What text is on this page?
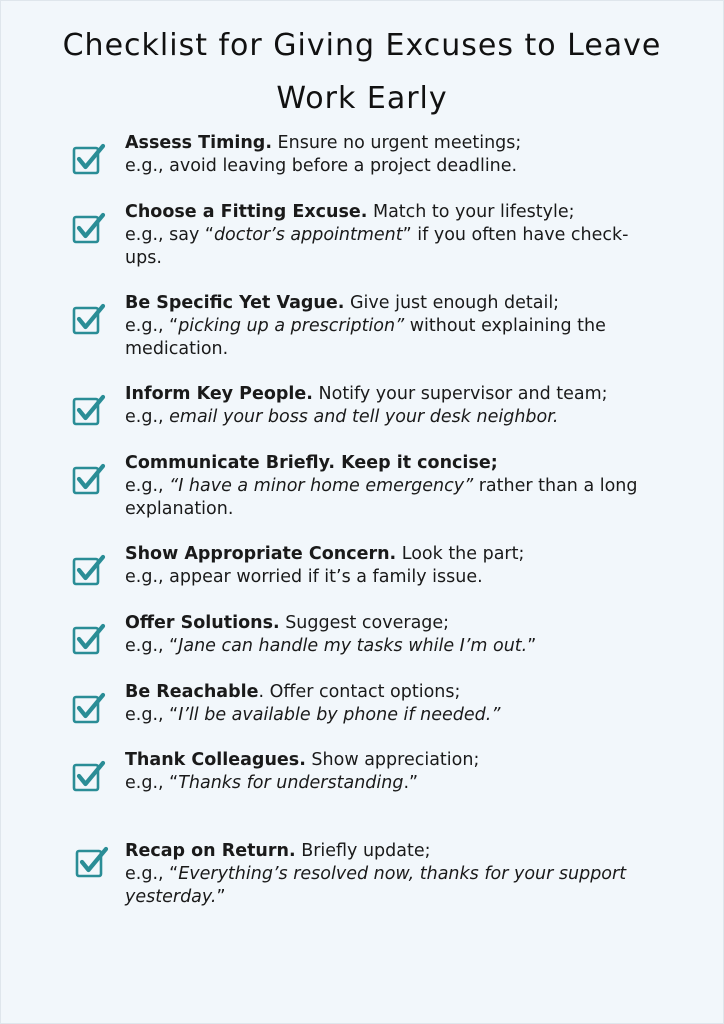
Checklist for Giving Excuses to Leave
Work Early
Assess Timing. Ensure no urgent meetings;
e.g., avoid leaving before a project deadline.
Choose a Fitting Excuse. Match to your lifestyle;
e.g., say “doctor’s appointment” if you often have check-
ups.
Be Specific Yet Vague. Give just enough detail;
e.g., “picking up a prescription” without explaining the
medication.
Inform Key People. Notify your supervisor and team;
e.g., email your boss and tell your desk neighbor.
Communicate Briefly. Keep it concise;
e.g., “I have a minor home emergency” rather than a long
explanation.
Show Appropriate Concern. Look the part;
e.g., appear worried if it’s a family issue.
Offer Solutions. Suggest coverage;
e.g., “Jane can handle my tasks while I’m out.”
Be Reachable. Offer contact options;
e.g., “I’ll be available by phone if needed.”
Thank Colleagues. Show appreciation;
e.g., “Thanks for understanding.”
Recap on Return. Briefly update;
e.g., “Everything’s resolved now, thanks for your support
yesterday.”
